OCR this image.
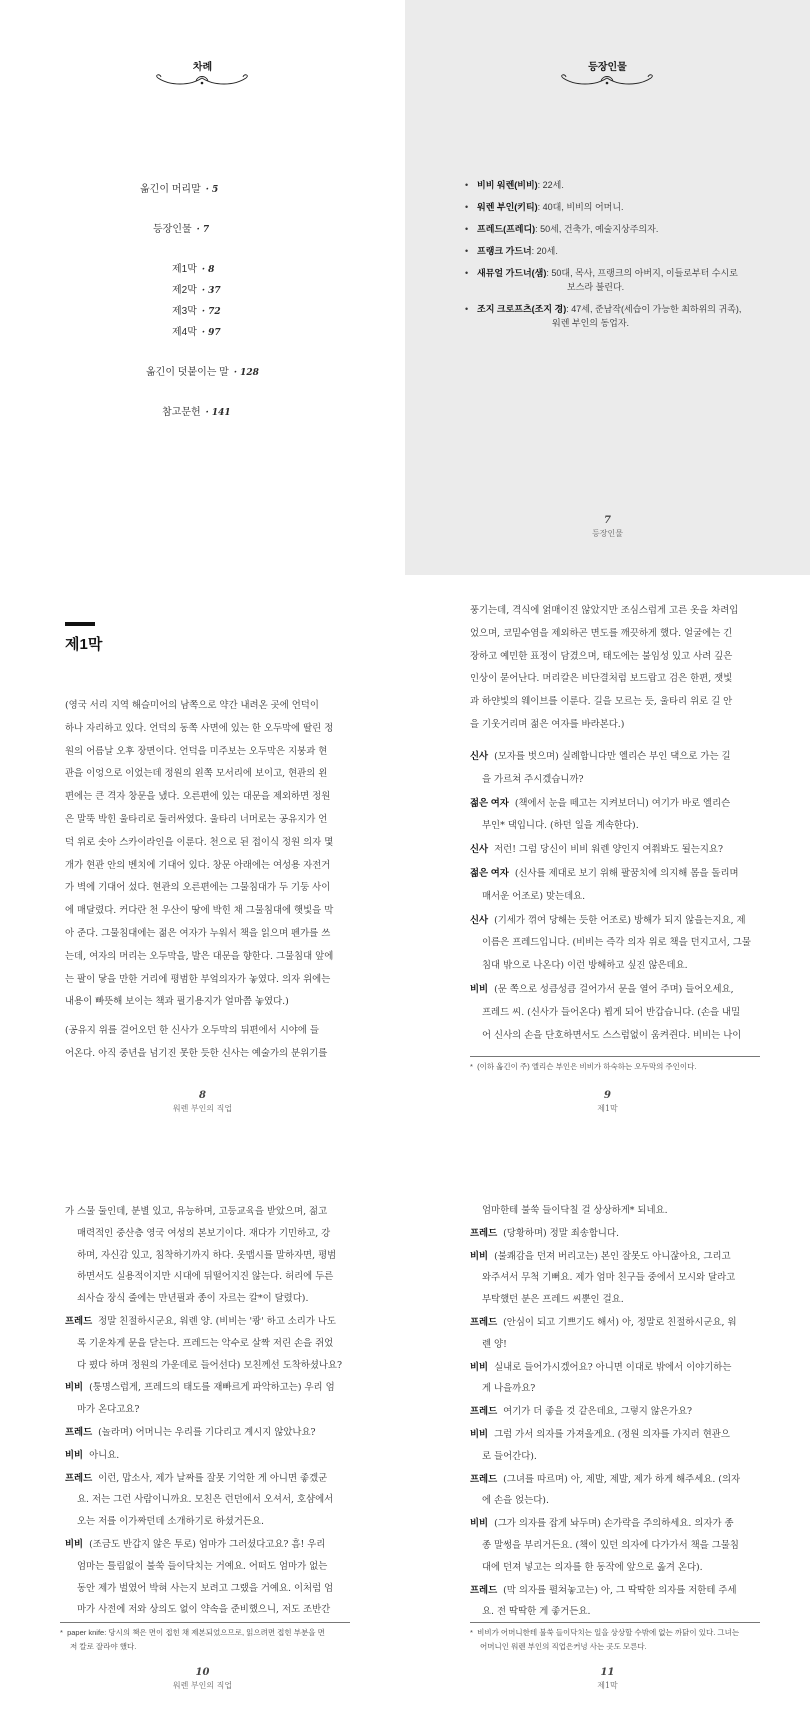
차례
옮긴이 머리말 · 5
등장인물 · 7
제1막 · 8
제2막 · 37
제3막 · 72
제4막 · 97
옮긴이 덧붙이는 말 · 128
참고문헌 · 141
등장인물
7
등장인물
• 비비 워렌(비비): 22세.
• 워렌 부인(키티): 40대, 비비의 어머니.
• 프레드(프레디): 50세, 건축가, 예술지상주의자.
• 프랭크 가드너: 20세.
• 새뮤얼 가드너(샘): 50대, 목사, 프랭크의 아버지, 이들로부터 수시로
보스라 불린다.
• 조지 크로프츠(조지 경): 47세, 준남작(세습이 가능한 최하위의 귀족),
워렌 부인의 동업자.
제1막
(영국 서리 지역 해슬미어의 남쪽으로 약간 내려온 곳에 언덕이
하나 자리하고 있다. 언덕의 동쪽 사면에 있는 한 오두막에 딸린 정
원의 어름날 오후 장면이다. 언덕을 미주보는 오두막은 지붕과 현
관을 이엉으로 이었는데 정원의 왼쪽 모서리에 보이고, 현관의 왼
편에는 큰 격자 창문을 냈다. 오른편에 있는 대문을 제외하면 정원
은 말뚝 박힌 울타리로 둘러싸였다. 울타리 너머로는 공유지가 언
덕 위로 솟아 스카이라인을 이룬다. 천으로 된 접이식 정원 의자 몇
개가 현관 안의 벤치에 기대어 있다. 창문 아래에는 여성용 자전거
가 벽에 기대어 섰다. 현관의 오른편에는 그물침대가 두 기둥 사이
에 매달렸다. 커다란 천 우산이 땅에 박힌 채 그물침대에 햇빛을 막
아 준다. 그물침대에는 젊은 여자가 누워서 책을 읽으며 펜가를 쓰
는데, 여자의 머리는 오두막을, 발은 대문을 향한다. 그물침대 앞에
는 팔이 닿을 만한 거리에 평범한 부엌의자가 놓였다. 의자 위에는
내용이 빠뜻해 보이는 책과 필기용지가 얼마쯤 놓였다.)
(공유지 위를 걸어오던 한 신사가 오두막의 뒤편에서 시야에 들
어온다. 아직 중년을 넘기진 못한 듯한 신사는 예술가의 분위기를
8
워렌 부인의 직업
풍기는데, 격식에 얽매이진 않았지만 조심스럽게 고른 옷을 차려입
었으며, 코밑수염을 제외하곤 면도를 깨끗하게 했다. 얼굴에는 긴
장하고 예민한 표정이 담겼으며, 태도에는 불임성 있고 사려 깊은
인상이 묻어난다. 머리칼은 비단결처럼 보드랍고 검은 한편, 잿빛
과 하얀빛의 웨이브를 이룬다. 길을 모르는 듯, 울타리 위로 길 안
을 기웃거리며 젊은 여자를 바라본다.)
신사 (모자를 벗으며) 실례합니다만 엘리슨 부인 댁으로 가는 길
을 가르쳐 주시겠습니까?
젊은 여자 (책에서 눈을 떼고는 지켜보더니) 여기가 바로 엘리슨
부인* 댁입니다. (하던 일을 계속한다).
신사 저런! 그럼 당신이 비비 워렌 양인지 여쭤봐도 될는지요?
젊은 여자 (신사를 제대로 보기 위해 팔꿈치에 의지해 몸을 돌리며
매서운 어조로) 맞는데요.
신사 (기세가 꺾여 당해는 듯한 어조로) 방해가 되지 않을는지요, 제
이름은 프레드입니다. (비비는 즉각 의자 위로 책을 던지고서, 그물
침대 밖으로 나온다) 이런 방해하고 싶진 않은데요.
비비 (문 쪽으로 성큼성큼 걸어가서 문을 열어 주며) 들어오세요,
프레드 씨. (신사가 들어온다) 뵙게 되어 반갑습니다. (손을 내밀
어 신사의 손을 단호하면서도 스스럼없이 움켜쥔다. 비비는 나이
* (이하 옮긴이 주) 엘리슨 부인은 비비가 하숙하는 오두막의 주인이다.
9
제1막
가 스물 둘인데, 분별 있고, 유능하며, 고등교육을 받았으며, 젊고
매력적인 중산층 영국 여성의 본보기이다. 재다가 기민하고, 강
하며, 자신감 있고, 침착하기까지 하다. 옷맵시를 말하자면, 평범
하면서도 실용적이지만 시대에 뒤떨어지진 않는다. 허리에 두른
쇠사슬 장식 줄에는 만년필과 종이 자르는 칼*이 달렸다).
프레드 정말 친절하시군요, 워렌 양. (비비는 '쾅' 하고 소리가 나도
록 기운차게 문을 닫는다. 프레드는 악수로 살짝 저린 손을 쥐었
다 폈다 하며 정원의 가운데로 들어선다) 모친께선 도착하셨나요?
비비 (퉁명스럽게, 프레드의 태도를 재빠르게 파악하고는) 우리 엄
마가 온다고요?
프레드 (놀라며) 어머니는 우리를 기다리고 계시지 않았나요?
비비 아니요.
프레드 이런, 맙소사, 제가 날짜를 잘못 기억한 게 아니면 좋겠군
요. 저는 그런 사람이니까요. 모친은 런던에서 오셔서, 호샴에서
오는 저를 이가짜던데 소개하기로 하셨거든요.
비비 (조금도 반갑지 않은 투로) 엄마가 그러셨다고요? 흠! 우리
엄마는 틀림없이 불쑥 들이닥치는 거예요. 어떠도 엄마가 없는
동안 제가 벌였어 박혀 사는지 보려고 그랬을 거예요. 이처럼 엄
마가 사전에 저와 상의도 없이 약속을 준비했으니, 저도 조반간
* paper knife: 당시의 책은 면이 접힌 채 제본되었으므로, 읽으려면 접힌 부분을 면
저 칼로 잘라야 했다.
10
워렌 부인의 직업
엄마한테 불쑥 들이닥칠 걸 상상하게* 되네요.
프레드 (당황하며) 정말 죄송합니다.
비비 (불쾌감을 던져 버리고는) 본인 잘못도 아니잖아요, 그리고
와주셔서 무척 기뻐요. 제가 엄마 친구들 중에서 모시와 달라고
부탁했던 분은 프레드 씨뿐인 걸요.
프레드 (안심이 되고 기쁘기도 해서) 아, 정말로 친절하시군요, 워
렌 양!
비비 실내로 들어가시겠어요? 아니면 이대로 밖에서 이야기하는
게 나을까요?
프레드 여기가 더 좋을 것 같은데요, 그렇지 않은가요?
비비 그럼 가서 의자를 가져올게요. (정원 의자를 가지러 현관으
로 들어간다).
프레드 (그녀를 따르며) 아, 제발, 제발, 제가 하게 해주세요. (의자
에 손을 얹는다).
비비 (그가 의자를 잡게 놔두며) 손가락을 주의하세요. 의자가 종
종 말썽을 부리거든요. (책이 있던 의자에 다가가서 책을 그물침
대에 던져 넣고는 의자를 한 동작에 앞으로 옮겨 온다).
프레드 (막 의자를 펼쳐놓고는) 아, 그 딱딱한 의자를 저한테 주세
요. 전 딱딱한 게 좋거든요.
* 비비가 어머니한테 불쑥 들이닥치는 일을 상상할 수밖에 없는 까닭이 있다. 그녀는
어머니인 워렌 부인의 직업은커녕 사는 곳도 모른다.
11
제1막
